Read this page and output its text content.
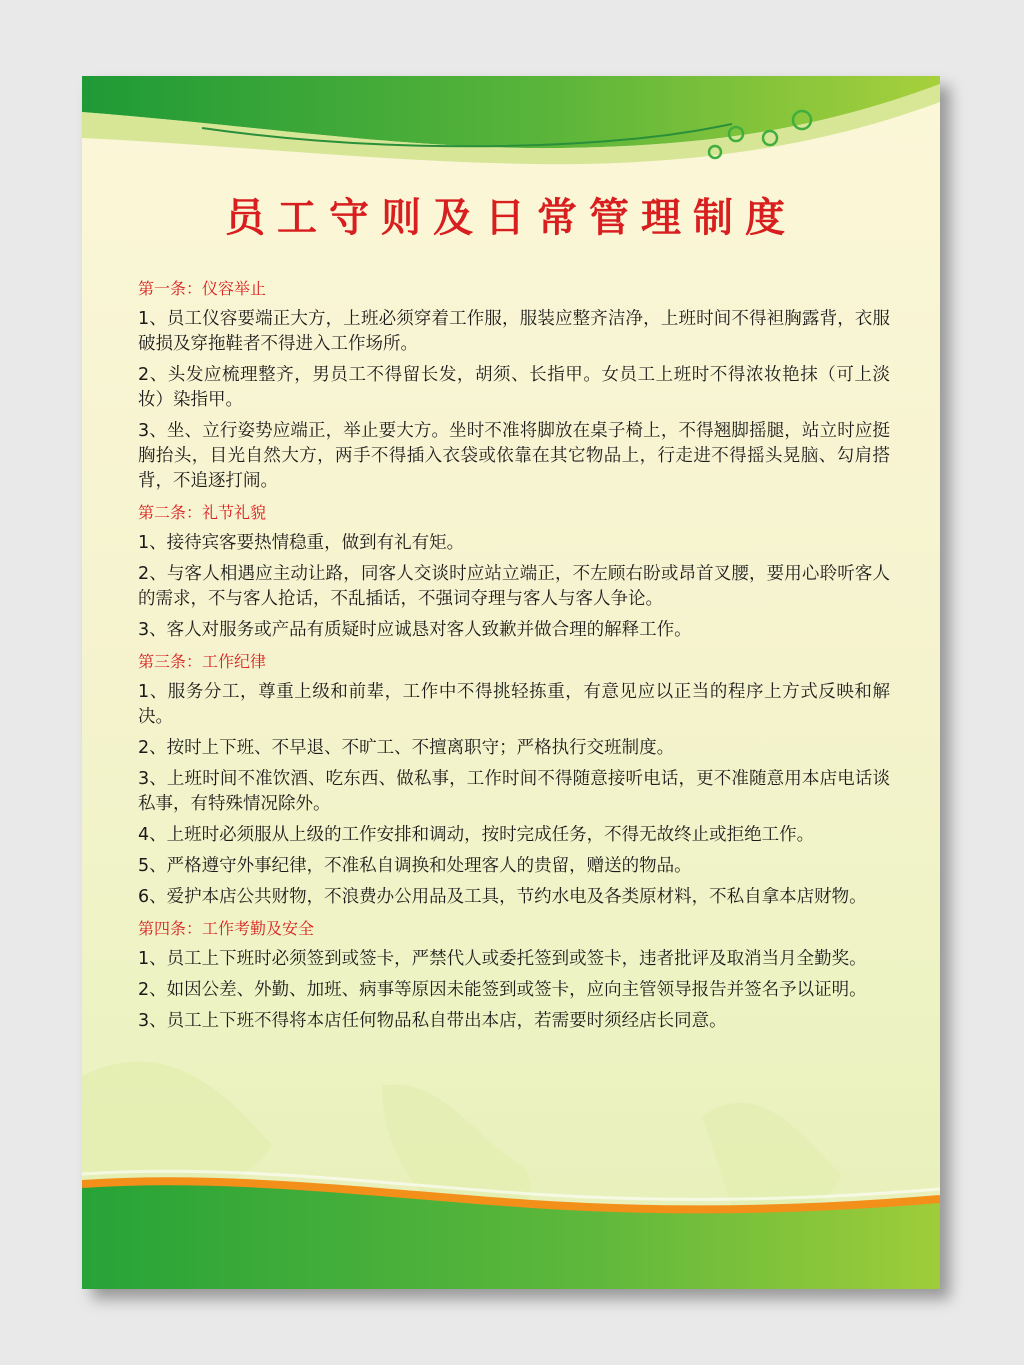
员工守则及日常管理制度

第一条：仪容举止

1、员工仪容要端正大方，上班必须穿着工作服，服装应整齐洁净，上班时间不得袒胸露背，衣服破损及穿拖鞋者不得进入工作场所。

2、头发应梳理整齐，男员工不得留长发，胡须、长指甲。女员工上班时不得浓妆艳抹（可上淡妆）染指甲。

3、坐、立行姿势应端正，举止要大方。坐时不准将脚放在桌子椅上，不得翘脚摇腿，站立时应挺胸抬头，目光自然大方，两手不得插入衣袋或依靠在其它物品上，行走进不得摇头晃脑、勾肩搭背，不追逐打闹。

第二条：礼节礼貌

1、接待宾客要热情稳重，做到有礼有矩。

2、与客人相遇应主动让路，同客人交谈时应站立端正，不左顾右盼或昂首叉腰，要用心聆听客人的需求，不与客人抢话，不乱插话，不强词夺理与客人与客人争论。

3、客人对服务或产品有质疑时应诚恳对客人致歉并做合理的解释工作。

第三条：工作纪律

1、服务分工，尊重上级和前辈，工作中不得挑轻拣重，有意见应以正当的程序上方式反映和解决。

2、按时上下班、不早退、不旷工、不擅离职守；严格执行交班制度。

3、上班时间不准饮酒、吃东西、做私事，工作时间不得随意接听电话，更不准随意用本店电话谈私事，有特殊情况除外。

4、上班时必须服从上级的工作安排和调动，按时完成任务，不得无故终止或拒绝工作。

5、严格遵守外事纪律，不准私自调换和处理客人的贵留，赠送的物品。

6、爱护本店公共财物，不浪费办公用品及工具，节约水电及各类原材料，不私自拿本店财物。

第四条：工作考勤及安全

1、员工上下班时必须签到或签卡，严禁代人或委托签到或签卡，违者批评及取消当月全勤奖。

2、如因公差、外勤、加班、病事等原因未能签到或签卡，应向主管领导报告并签名予以证明。

3、员工上下班不得将本店任何物品私自带出本店，若需要时须经店长同意。
